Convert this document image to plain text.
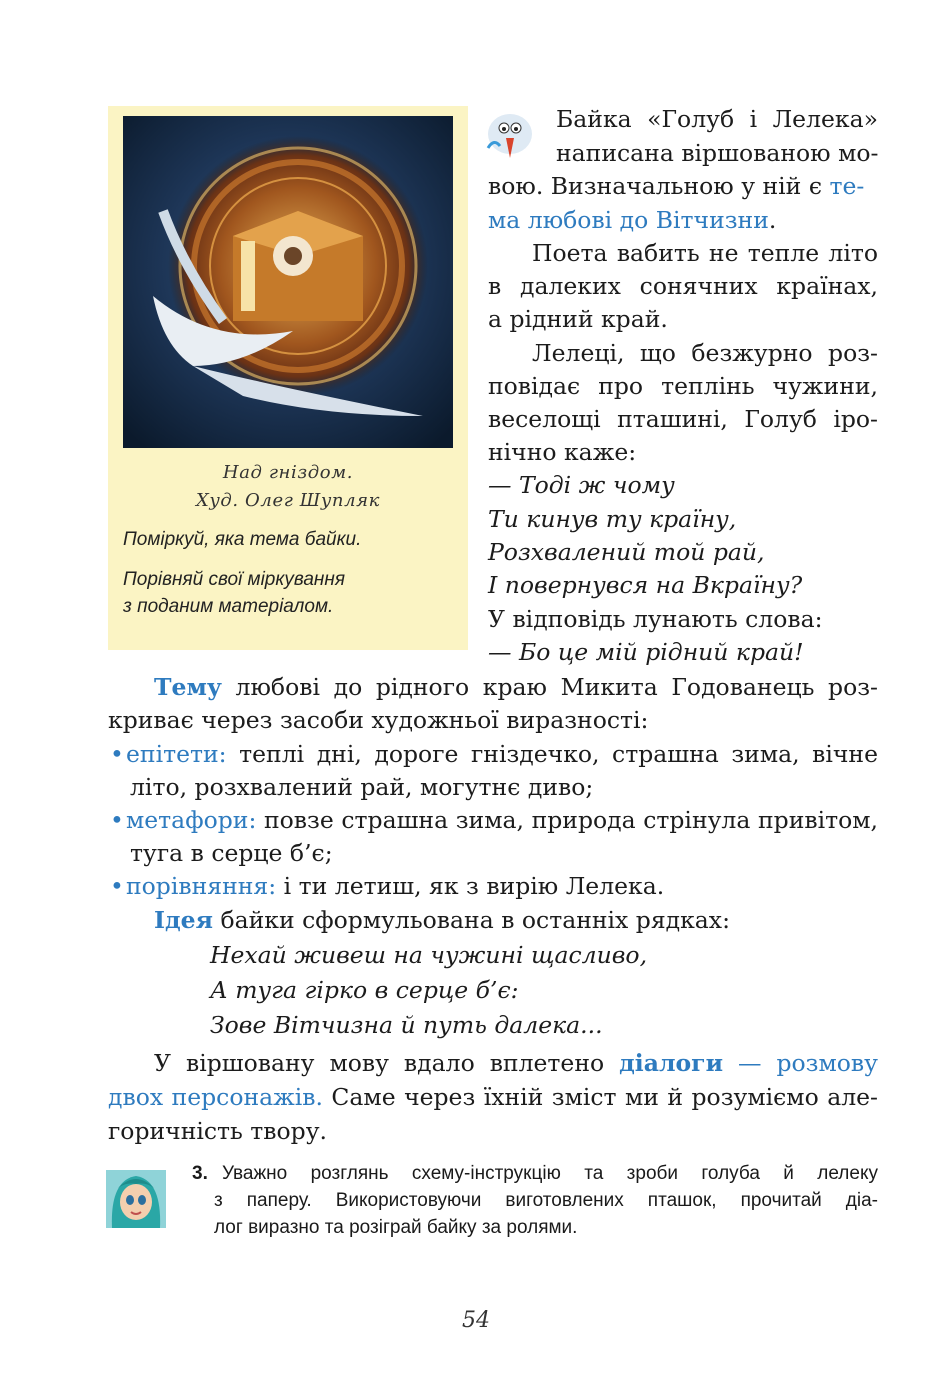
Над гніздом.
Худ. Олег Шупляк
Поміркуй, яка тема байки.
Порівняй свої міркування
з поданим матеріалом.
Байка «Голуб і Лелека»
написана віршованою мо-
вою. Визначальною у ній є те-
ма любові до Вітчизни.
Поета вабить не тепле літо
в далеких сонячних країнах,
а рідний край.
Лелеці, що безжурно роз-
повідає про теплінь чужини,
веселощі пташині, Голуб іро-
нічно каже:
— Тоді ж чому
Ти кинув ту країну,
Розхвалений той рай,
І повернувся на Вкраїну?
У відповідь лунають слова:
— Бо це мій рідний край!
Тему любові до рідного краю Микита Годованець роз-
криває через засоби художньої виразності:
• епітети: теплі дні, дороге гніздечко, страшна зима, вічне
літо, розхвалений рай, могутнє диво;
• метафори: повзе страшна зима, природа стрінула привітом,
туга в серце б’є;
• порівняння: і ти летиш, як з вирію Лелека.
Ідея байки сформульована в останніх рядках:
Нехай живеш на чужині щасливо,
А туга гірко в серце б’є:
Зове Вітчизна й путь далека...
У віршовану мову вдало вплетено діалоги — розмову
двох персонажів. Саме через їхній зміст ми й розуміємо але-
горичність твору.
3. Уважно розглянь схему-інструкцію та зроби голуба й лелеку
з паперу. Використовуючи виготовлених пташок, прочитай діа-
лог виразно та розіграй байку за ролями.
54
